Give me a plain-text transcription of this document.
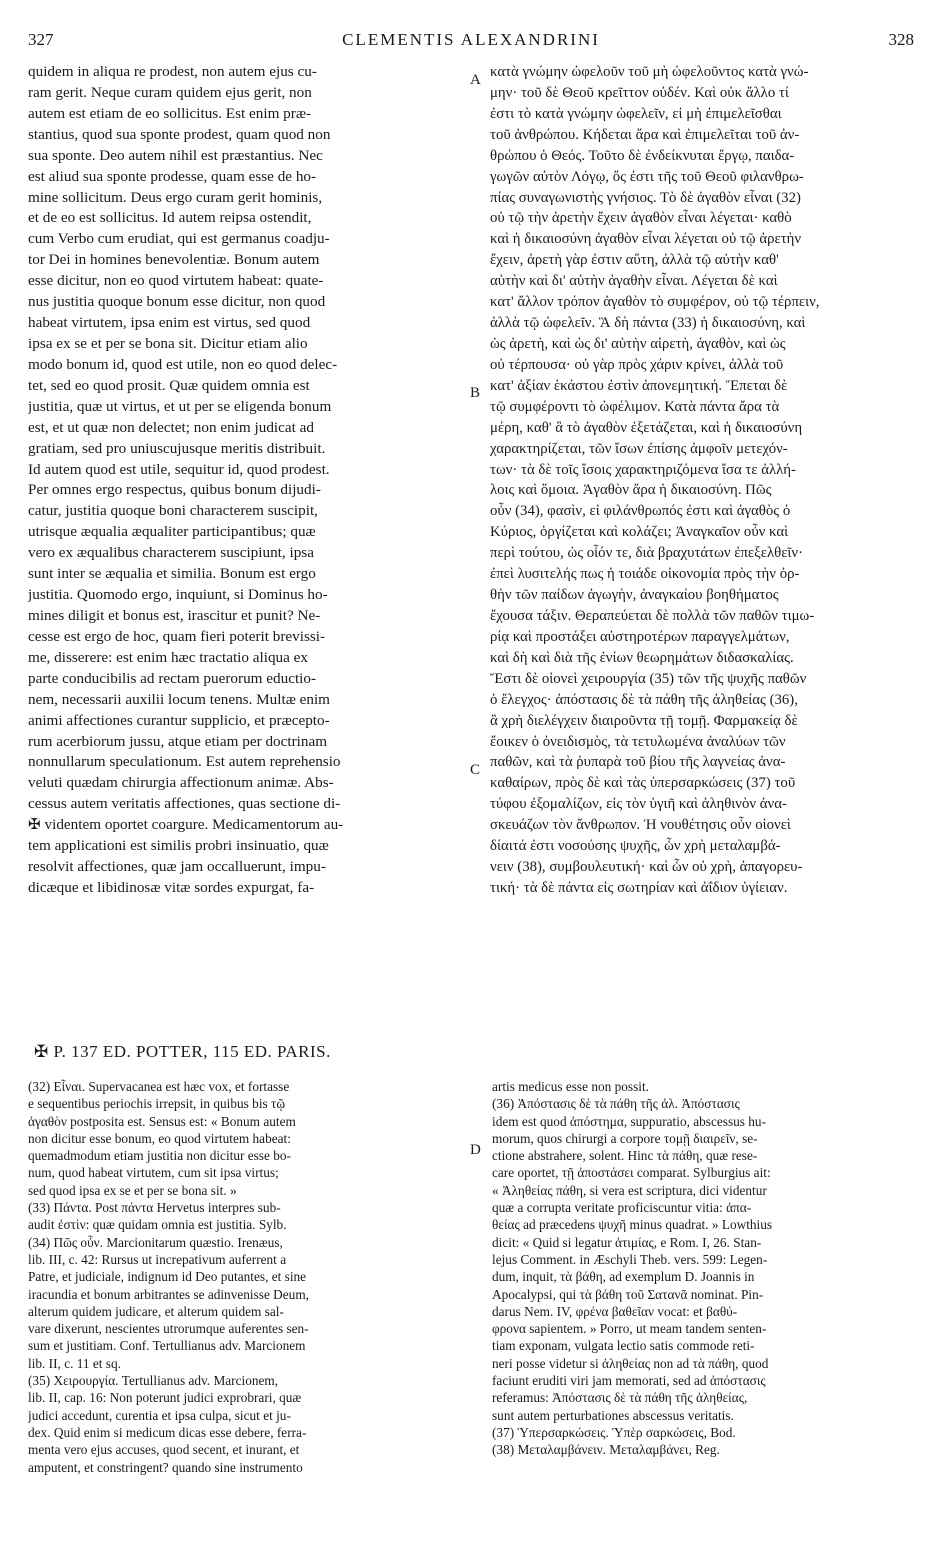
327	CLEMENTIS ALEXANDRINI	328
quidem in aliqua re prodest, non autem ejus cu-
ram gerit. Neque curam quidem ejus gerit, non
autem est etiam de eo sollicitus. Est enim præ-
stantius, quod sua sponte prodest, quam quod non
sua sponte. Deo autem nihil est præstantius. Nec
est aliud sua sponte prodesse, quam esse de ho-
mine sollicitum. Deus ergo curam gerit hominis,
et de eo est sollicitus. Id autem reipsa ostendit,
cum Verbo cum erudiat, qui est germanus coadju-
tor Dei in homines benevolentiæ. Bonum autem
esse dicitur, non eo quod virtutem habeat: quate-
nus justitia quoque bonum esse dicitur, non quod
habeat virtutem, ipsa enim est virtus, sed quod
ipsa ex se et per se bona sit. Dicitur etiam alio
modo bonum id, quod est utile, non eo quod delec-
tet, sed eo quod prosit. Quæ quidem omnia est
justitia, quæ ut virtus, et ut per se eligenda bonum
est, et ut quæ non delectet; non enim judicat ad
gratiam, sed pro uniuscujusque meritis distribuit.
Id autem quod est utile, sequitur id, quod prodest.
Per omnes ergo respectus, quibus bonum dijudi-
catur, justitia quoque boni characterem suscipit,
utrisque æqualia æqualiter participantibus; quæ
vero ex æqualibus characterem suscipiunt, ipsa
sunt inter se æqualia et similia. Bonum est ergo
justitia. Quomodo ergo, inquiunt, si Dominus ho-
mines diligit et bonus est, irascitur et punit? Ne-
cesse est ergo de hoc, quam fieri poterit brevissi-
me, disserere: est enim hæc tractatio aliqua ex
parte conducibilis ad rectam puerorum eductio-
nem, necessarii auxilii locum tenens. Multæ enim
animi affectiones curantur supplicio, et præcepto-
rum acerbiorum jussu, atque etiam per doctrinam
nonnullarum speculationum. Est autem reprehensio
veluti quædam chirurgia affectionum animæ. Abs-
cessus autem veritatis affectiones, quas sectione di-
✠ videntem oportet coargure. Medicamentorum au-
tem applicationi est similis probri insinuatio, quæ
resolvit affectiones, quæ jam occalluerunt, impu-
dicæque et libidinosæ vitæ sordes expurgat, fa-
κατὰ γνώμην ὠφελοῦν τοῦ μὴ ὠφελοῦντος κατὰ γνώ-
μην· τοῦ δὲ Θεοῦ κρεῖττον οὐδέν. Καὶ οὐκ ἄλλο τί
ἐστι τὸ κατὰ γνώμην ὠφελεῖν, εἰ μὴ ἐπιμελεῖσθαι
τοῦ ἀνθρώπου. Κήδεται ἄρα καὶ ἐπιμελεῖται τοῦ ἀν-
θρώπου ὁ Θεός. Τοῦτο δὲ ἐνδείκνυται ἔργῳ, παιδα-
γωγῶν αὐτὸν Λόγῳ, ὅς ἐστι τῆς τοῦ Θεοῦ φιλανθρω-
πίας συναγωνιστὴς γνήσιος. Τὸ δὲ ἀγαθὸν εἶναι (32)
οὐ τῷ τὴν ἀρετὴν ἔχειν ἀγαθὸν εἶναι λέγεται· καθὸ
καὶ ἡ δικαιοσύνη ἀγαθὸν εἶναι λέγεται οὐ τῷ ἀρετὴν
ἔχειν, ἀρετὴ γὰρ ἐστιν αὕτη, ἀλλὰ τῷ αὐτὴν καθ'
αὑτὴν καὶ δι' αὑτὴν ἀγαθὴν εἶναι. Λέγεται δὲ καὶ
κατ' ἄλλον τρόπον ἀγαθὸν τὸ συμφέρον, οὐ τῷ τέρπειν,
ἀλλὰ τῷ ὠφελεῖν. Ἃ δὴ πάντα (33) ἡ δικαιοσύνη, καὶ
ὡς ἀρετὴ, καὶ ὡς δι' αὑτὴν αἱρετὴ, ἀγαθὸν, καὶ ὡς
οὐ τέρπουσα· οὐ γὰρ πρὸς χάριν κρίνει, ἀλλὰ τοῦ
κατ' ἀξίαν ἑκάστου ἐστὶν ἀπονεμητική. Ἕπεται δὲ
τῷ συμφέροντι τὸ ὠφέλιμον. Κατὰ πάντα ἄρα τὰ
μέρη, καθ' ἃ τὸ ἀγαθὸν ἐξετάζεται, καὶ ἡ δικαιοσύνη
χαρακτηρίζεται, τῶν ἴσων ἐπίσης ἀμφοῖν μετεχόν-
των· τὰ δὲ τοῖς ἴσοις χαρακτηριζόμενα ἴσα τε ἀλλή-
λοις καὶ ὅμοια. Ἀγαθὸν ἄρα ἡ δικαιοσύνη. Πῶς
οὖν (34), φασὶν, εἰ φιλάνθρωπός ἐστι καὶ ἀγαθὸς ὁ
Κύριος, ὀργίζεται καὶ κολάζει; Ἀναγκαῖον οὖν καὶ
περὶ τούτου, ὡς οἷόν τε, διὰ βραχυτάτων ἐπεξελθεῖν·
ἐπεὶ λυσιτελής πως ἡ τοιάδε οἰκονομία πρὸς τὴν ὀρ-
θὴν τῶν παίδων ἀγωγὴν, ἀναγκαίου βοηθήματος
ἔχουσα τάξιν. Θεραπεύεται δὲ πολλὰ τῶν παθῶν τιμω-
ρίᾳ καὶ προστάξει αὐστηροτέρων παραγγελμάτων,
καὶ δὴ καὶ διὰ τῆς ἐνίων θεωρημάτων διδασκαλίας.
Ἔστι δὲ οἱονεὶ χειρουργία (35) τῶν τῆς ψυχῆς παθῶν
ὁ ἔλεγχος· ἀπόστασις δὲ τὰ πάθη τῆς ἀληθείας (36),
ἃ χρὴ διελέγχειν διαιροῦντα τῇ τομῇ. Φαρμακείᾳ δὲ
ἔοικεν ὁ ὀνειδισμὸς, τὰ τετυλωμένα ἀναλύων τῶν
παθῶν, καὶ τὰ ῥυπαρὰ τοῦ βίου τῆς λαγνείας ἀνα-
καθαίρων, πρὸς δὲ καὶ τὰς ὑπερσαρκώσεις (37) τοῦ
τύφου ἐξομαλίζων, εἰς τὸν ὑγιῆ καὶ ἀληθινὸν ἀνα-
σκευάζων τὸν ἄνθρωπον. Ἡ νουθέτησις οὖν οἱονεὶ
δίαιτά ἐστι νοσούσης ψυχῆς, ὧν χρὴ μεταλαμβά-
νειν (38), συμβουλευτική· καὶ ὧν οὐ χρὴ, ἀπαγορευ-
τική· τὰ δὲ πάντα εἰς σωτηρίαν καὶ ἀΐδιον ὑγίειαν.
A
B
C
D
✠ P. 137 ED. POTTER, 115 ED. PARIS.
(32) Εἶναι. Supervacanea est hæc vox, et fortasse
e sequentibus periochis irrepsit, in quibus bis τῷ
ἀγαθὸν postposita est. Sensus est: « Bonum autem
non dicitur esse bonum, eo quod virtutem habeat:
quemadmodum etiam justitia non dicitur esse bo-
num, quod habeat virtutem, cum sit ipsa virtus;
sed quod ipsa ex se et per se bona sit. »
(33) Πάντα. Post πάντα Hervetus interpres sub-
audit ἐστὶν: quæ quidam omnia est justitia. Sylb.
(34) Πῶς οὖν. Marcionitarum quæstio. Irenæus,
lib. III, c. 42: Rursus ut increpativum auferrent a
Patre, et judiciale, indignum id Deo putantes, et sine
iracundia et bonum arbitrantes se adinvenisse Deum,
alterum quidem judicare, et alterum quidem sal-
vare dixerunt, nescientes utrorumque auferentes sen-
sum et justitiam. Conf. Tertullianus adv. Marcionem
lib. II, c. 11 et sq.
(35) Χειρουργία. Tertullianus adv. Marcionem,
lib. II, cap. 16: Non poterunt judici exprobrari, quæ
judici accedunt, curentia et ipsa culpa, sicut et ju-
dex. Quid enim si medicum dicas esse debere, ferra-
menta vero ejus accuses, quod secent, et inurant, et
amputent, et constringent? quando sine instrumento
artis medicus esse non possit.
(36) Ἀπόστασις δὲ τὰ πάθη τῆς ἀλ. Ἀπόστασις
idem est quod ἀπόστημα, suppuratio, abscessus hu-
morum, quos chirurgi a corpore τομῇ διαιρεῖν, se-
ctione abstrahere, solent. Hinc τὰ πάθη, quæ rese-
care oportet, τῇ ἀποστάσει comparat. Sylburgius ait:
« Ἀληθείας πάθη, si vera est scriptura, dici videntur
quæ a corrupta veritate proficiscuntur vitia: ἀπα-
θείας ad præcedens ψυχῆ minus quadrat. » Lowthius
dicit: « Quid si legatur ἀτιμίας, e Rom. I, 26. Stan-
lejus Comment. in Æschyli Theb. vers. 599: Legen-
dum, inquit, τὰ βάθη, ad exemplum D. Joannis in
Apocalypsi, qui τὰ βάθη τοῦ Σατανᾶ nominat. Pin-
darus Nem. IV, φρένα βαθεῖαν vocat: et βαθύ-
φρονα sapientem. » Porro, ut meam tandem senten-
tiam exponam, vulgata lectio satis commode reti-
neri posse videtur si ἀληθείας non ad τὰ πάθη, quod
faciunt eruditi viri jam memorati, sed ad ἀπόστασις
referamus: Ἀπόστασις δὲ τὰ πάθη τῆς ἀληθείας,
sunt autem perturbationes abscessus veritatis.
(37) Ὑπερσαρκώσεις. Ὑπὲρ σαρκώσεις, Bod.
(38) Μεταλαμβάνειν. Μεταλαμβάνει, Reg.
